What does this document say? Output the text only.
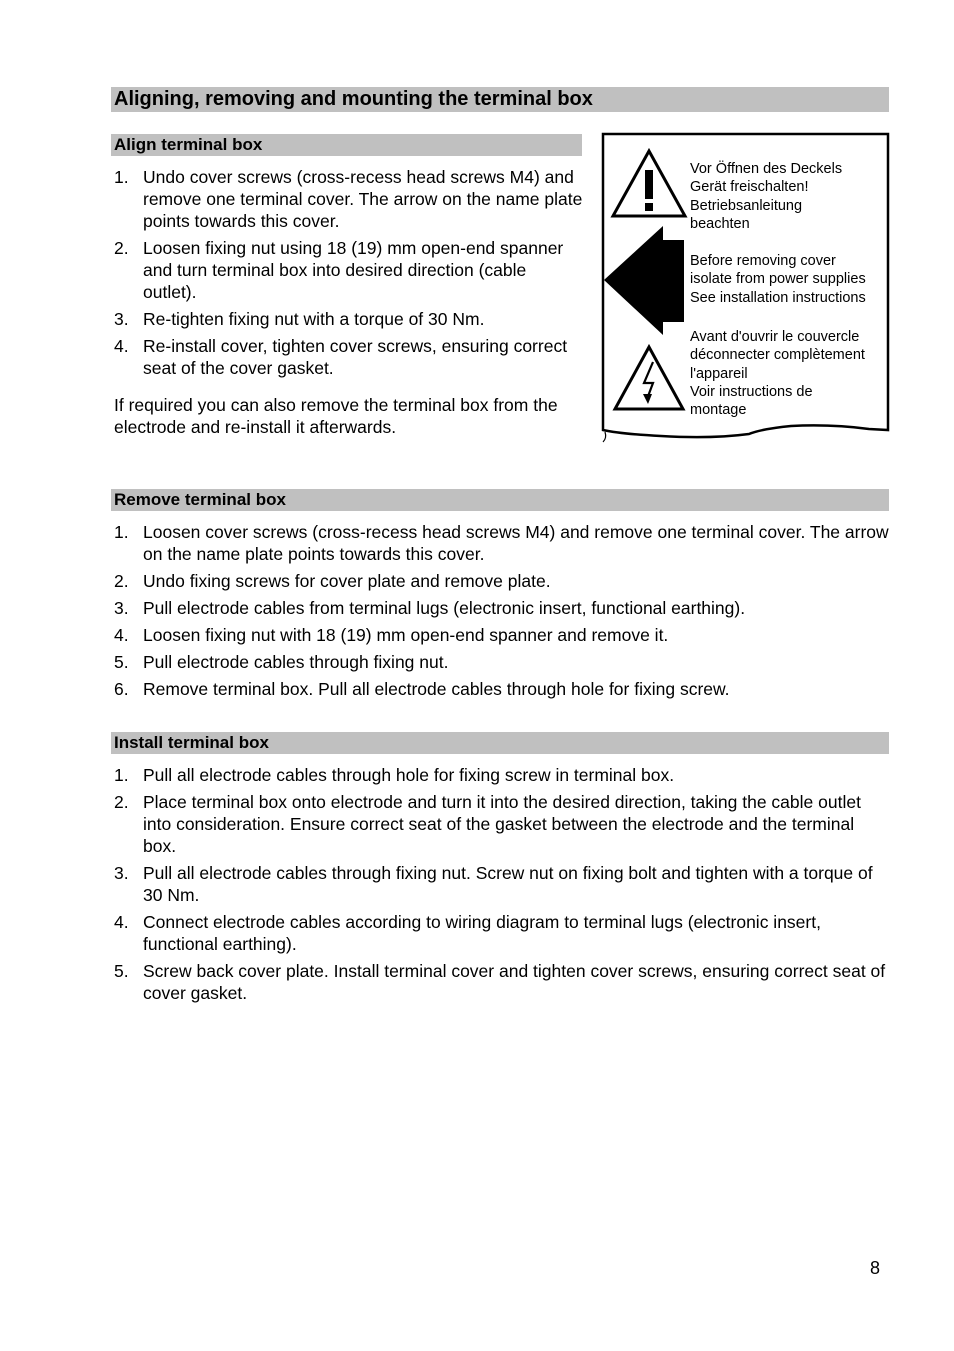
Aligning, removing and mounting the terminal box
Align terminal box
1. Undo cover screws (cross-recess head screws M4) and remove one terminal cover. The arrow on the name plate points towards this cover.
2. Loosen fixing nut using 18 (19) mm open-end spanner and turn terminal box into desired direction (cable outlet).
3. Re-tighten fixing nut with a torque of 30 Nm.
4. Re-install cover, tighten cover screws, ensuring correct seat of the cover gasket.

If required you can also remove the terminal box from the electrode and re-install it afterwards.

Vor Öffnen des Deckels
Gerät freischalten!
Betriebsanleitung
beachten

Before removing cover
isolate from power supplies
See installation instructions

Avant d'ouvrir le couvercle
déconnecter complètement
l'appareil
Voir instructions de
montage

Remove terminal box
1. Loosen cover screws (cross-recess head screws M4) and remove one terminal cover. The arrow on the name plate points towards this cover.
2. Undo fixing screws for cover plate and remove plate.
3. Pull electrode cables from terminal lugs (electronic insert, functional earthing).
4. Loosen fixing nut with 18 (19) mm open-end spanner and remove it.
5. Pull electrode cables through fixing nut.
6. Remove terminal box. Pull all electrode cables through hole for fixing screw.
Install terminal box
1. Pull all electrode cables through hole for fixing screw in terminal box.
2. Place terminal box onto electrode and turn it into the desired direction, taking the cable outlet into consideration. Ensure correct seat of the gasket between the electrode and the terminal box.
3. Pull all electrode cables through fixing nut. Screw nut on fixing bolt and tighten with a torque of 30 Nm.
4. Connect electrode cables according to wiring diagram to terminal lugs (electronic insert, functional earthing).
5. Screw back cover plate. Install terminal cover and tighten cover screws, ensuring correct seat of cover gasket.
8
